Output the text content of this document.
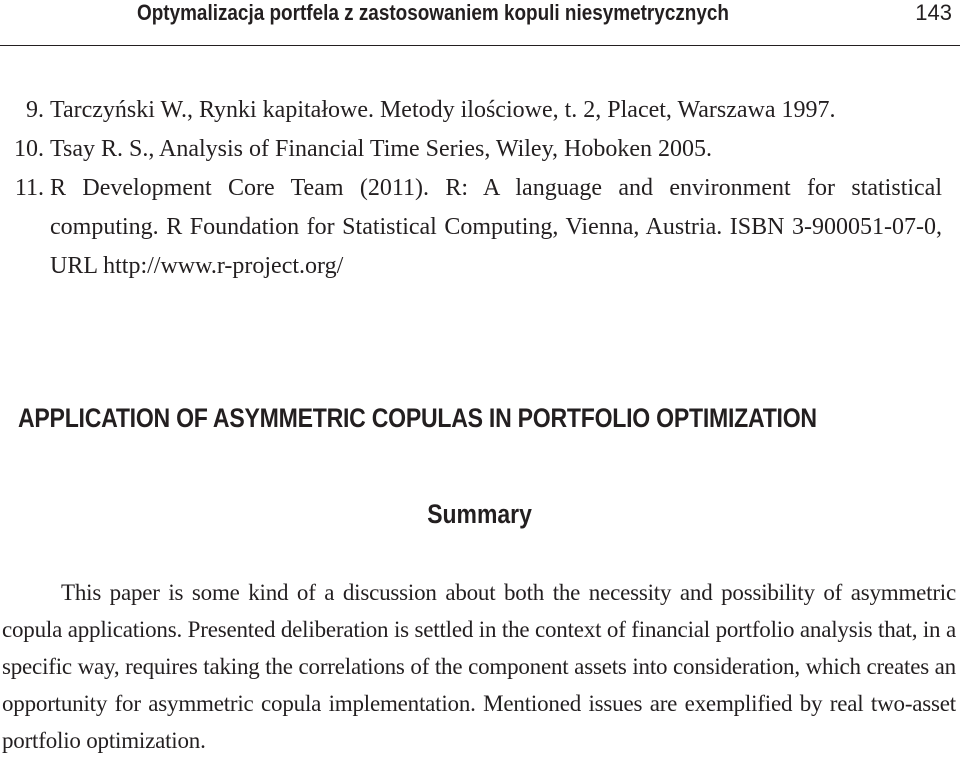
Optymalizacja portfela z zastosowaniem kopuli niesymetrycznych	143
9. Tarczyński W., Rynki kapitałowe. Metody ilościowe, t. 2, Placet, Warszawa 1997.
10. Tsay R. S., Analysis of Financial Time Series, Wiley, Hoboken 2005.
11. R Development Core Team (2011). R: A language and environment for statistical computing. R Foundation for Statistical Computing, Vienna, Austria. ISBN 3-900051-07-0, URL http://www.r-project.org/
APPLICATION OF ASYMMETRIC COPULAS IN PORTFOLIO OPTIMIZATION
Summary

This paper is some kind of a discussion about both the necessity and possibility of asymmetric copula applications. Presented deliberation is settled in the context of financial portfolio analysis that, in a specific way, requires taking the correlations of the component assets into consideration, which creates an opportunity for asymmetric copula implementation. Mentioned issues are exemplified by real two-asset portfolio optimization.
